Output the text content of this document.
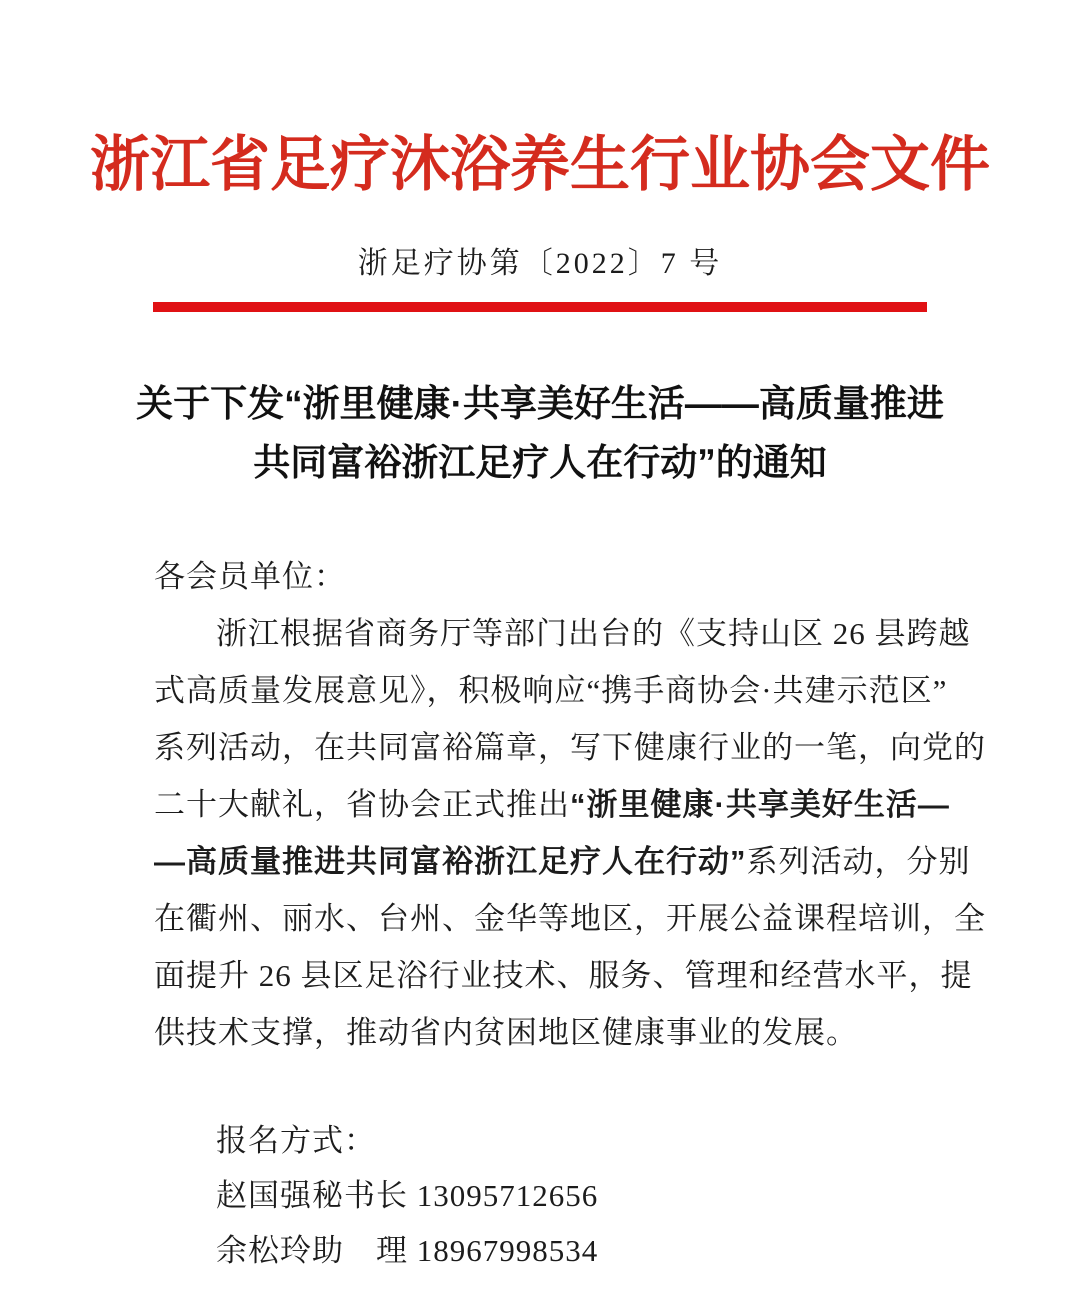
浙江省足疗沐浴养生行业协会文件
浙足疗协第〔2022〕7 号
关于下发“浙里健康·共享美好生活——高质量推进
共同富裕浙江足疗人在行动”的通知
各会员单位：
浙江根据省商务厅等部门出台的《支持山区 26 县跨越
式高质量发展意见》，积极响应“携手商协会·共建示范区”
系列活动，在共同富裕篇章，写下健康行业的一笔，向党的
二十大献礼，省协会正式推出“浙里健康·共享美好生活—
—高质量推进共同富裕浙江足疗人在行动”系列活动，分别
在衢州、丽水、台州、金华等地区，开展公益课程培训，全
面提升 26 县区足浴行业技术、服务、管理和经营水平，提
供技术支撑，推动省内贫困地区健康事业的发展。
报名方式：
赵国强秘书长 13095712656
余松玲助　理 18967998534
